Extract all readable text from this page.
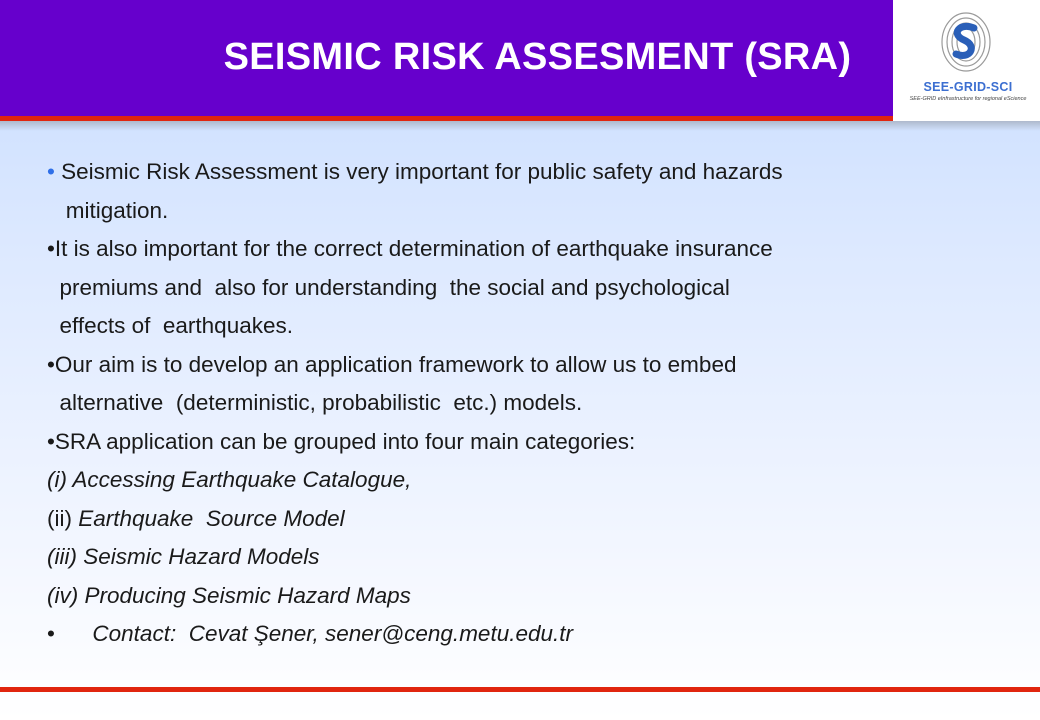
SEISMIC RISK ASSESMENT (SRA)
SEE-GRID-SCI
SEE-GRID eInfrastructure for regional eScience
• Seismic Risk Assessment is very important for public safety and hazards
mitigation.
•It is also important for the correct determination of earthquake insurance
premiums and  also for understanding  the social and psychological
effects of  earthquakes.
•Our aim is to develop an application framework to allow us to embed
alternative  (deterministic, probabilistic  etc.) models.
•SRA application can be grouped into four main categories:
(i) Accessing Earthquake Catalogue,
(ii) Earthquake  Source Model
(iii) Seismic Hazard Models
(iv) Producing Seismic Hazard Maps
•      Contact:  Cevat Şener, sener@ceng.metu.edu.tr
